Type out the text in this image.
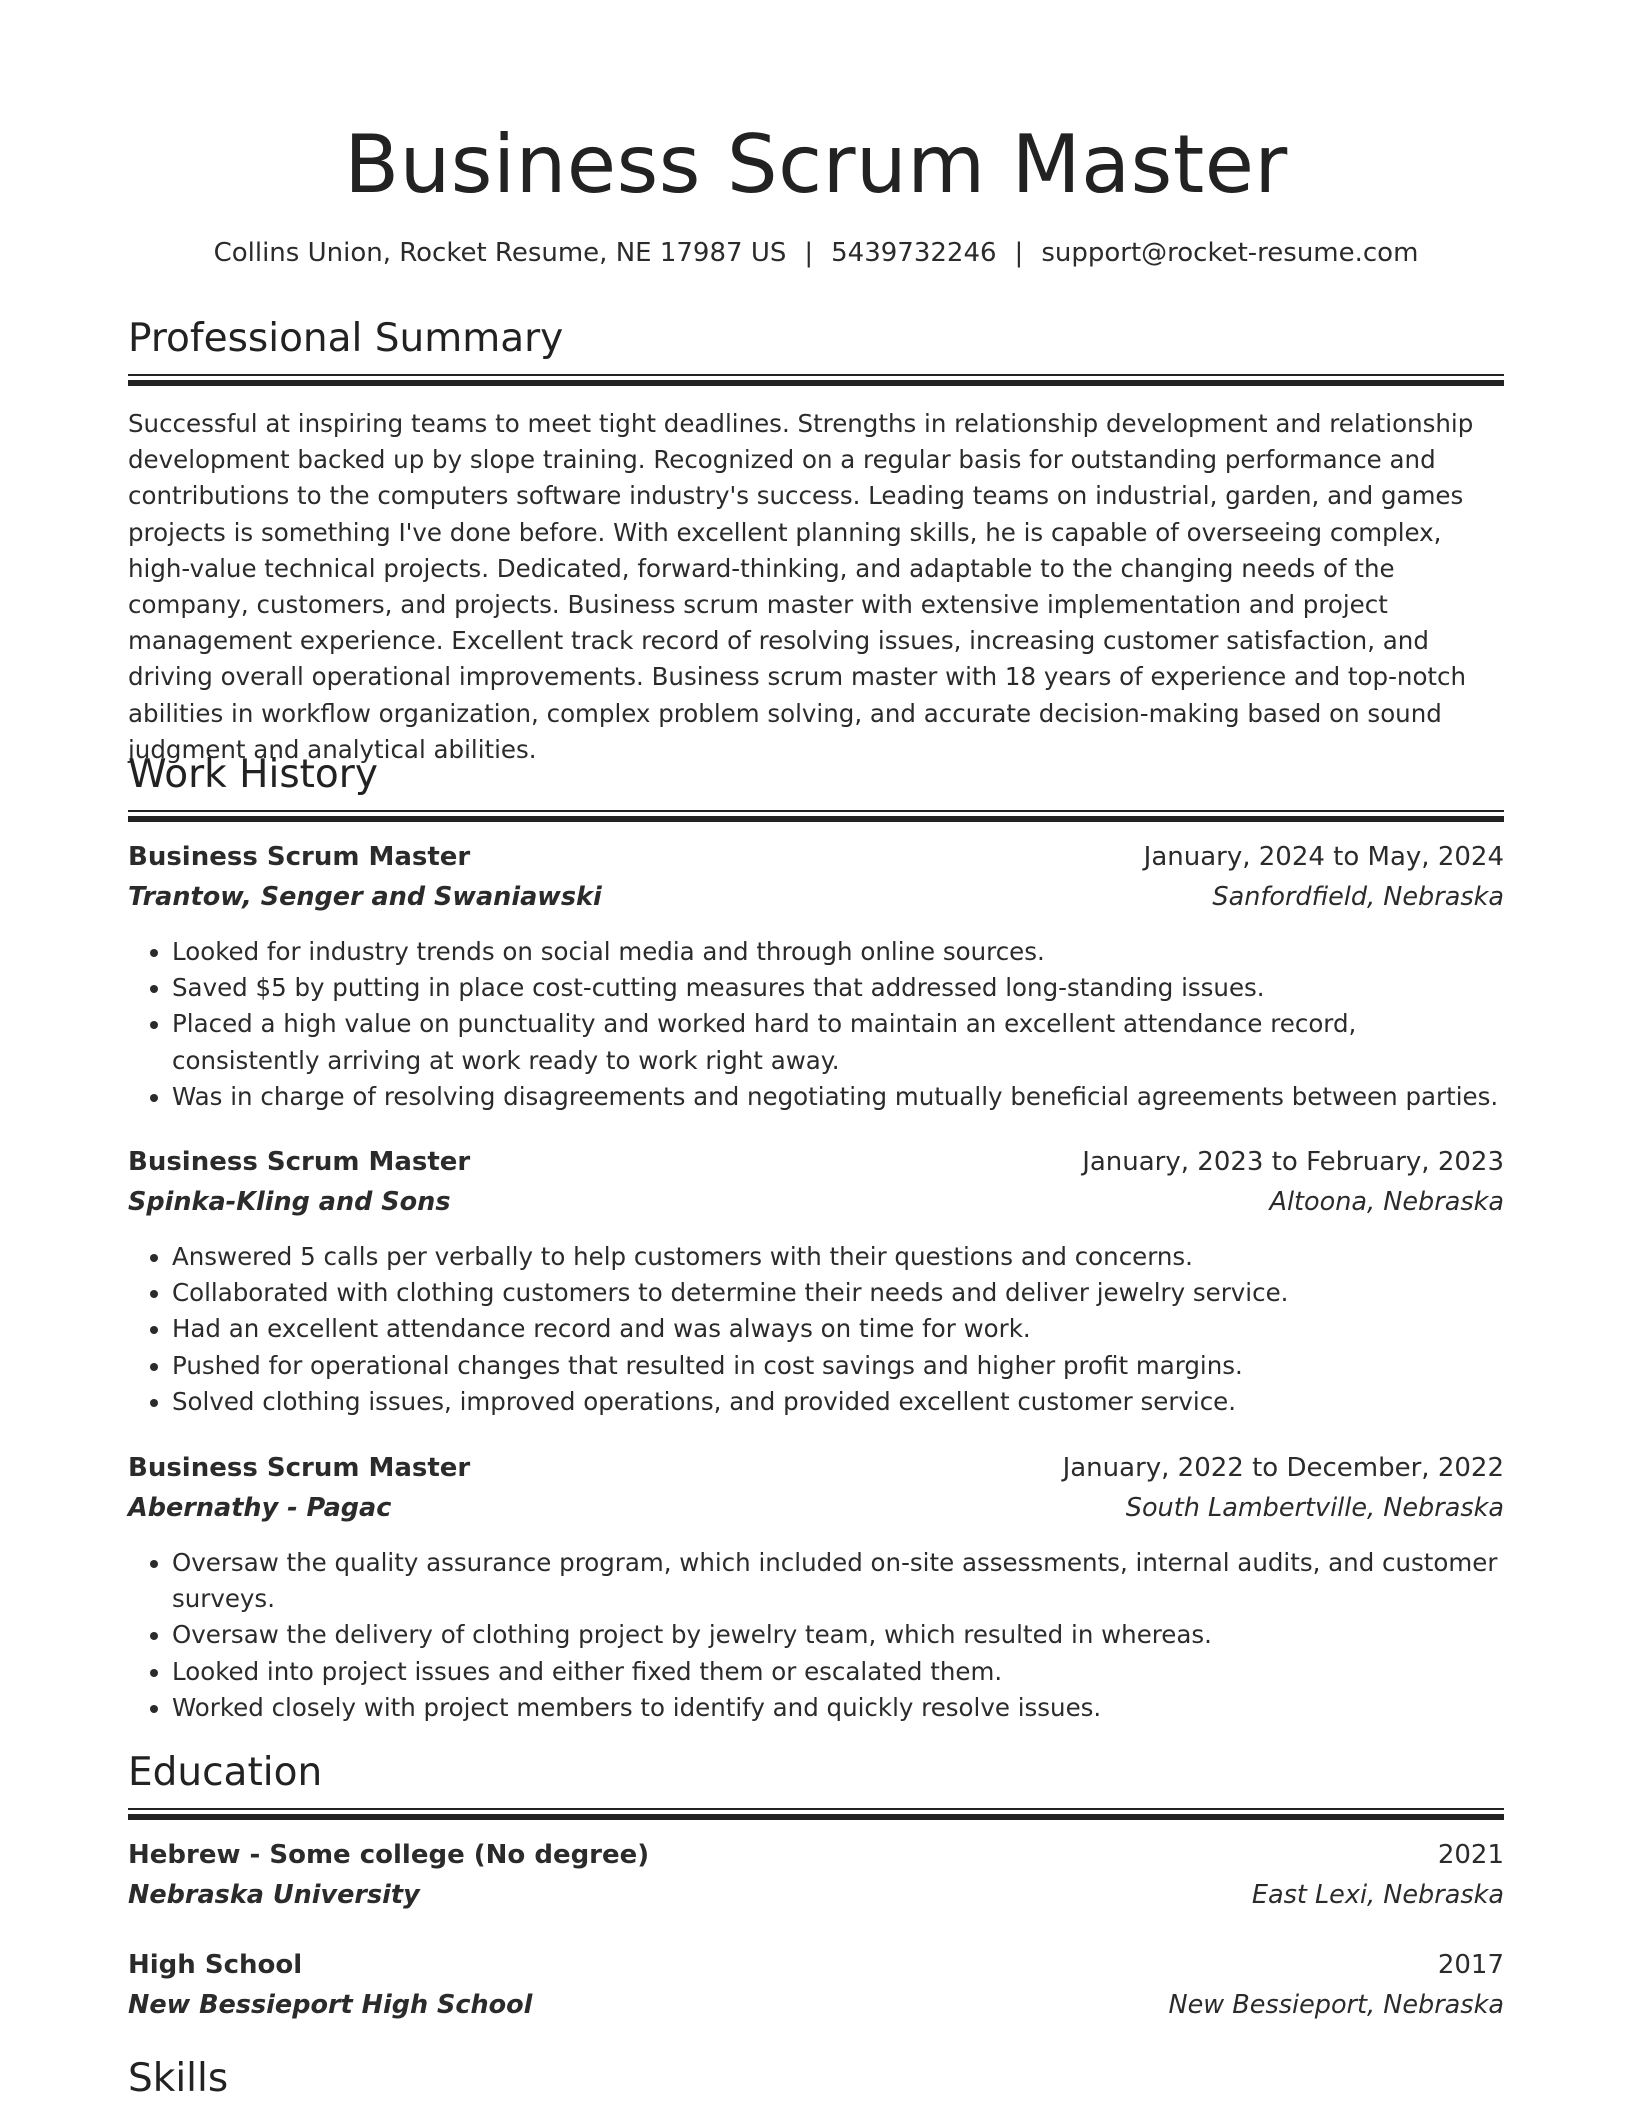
Business Scrum Master
Collins Union, Rocket Resume, NE 17987 US | 5439732246 | support@rocket-resume.com
Professional Summary
Successful at inspiring teams to meet tight deadlines. Strengths in relationship development and relationship development backed up by slope training. Recognized on a regular basis for outstanding performance and contributions to the computers software industry's success. Leading teams on industrial, garden, and games projects is something I've done before. With excellent planning skills, he is capable of overseeing complex, high-value technical projects. Dedicated, forward-thinking, and adaptable to the changing needs of the company, customers, and projects. Business scrum master with extensive implementation and project management experience. Excellent track record of resolving issues, increasing customer satisfaction, and driving overall operational improvements. Business scrum master with 18 years of experience and top-notch abilities in workflow organization, complex problem solving, and accurate decision-making based on sound judgment and analytical abilities.
Work History
Business Scrum Master	January, 2024 to May, 2024
Trantow, Senger and Swaniawski	Sanfordfield, Nebraska
• Looked for industry trends on social media and through online sources.
• Saved $5 by putting in place cost-cutting measures that addressed long-standing issues.
• Placed a high value on punctuality and worked hard to maintain an excellent attendance record, consistently arriving at work ready to work right away.
• Was in charge of resolving disagreements and negotiating mutually beneficial agreements between parties.
Business Scrum Master	January, 2023 to February, 2023
Spinka-Kling and Sons	Altoona, Nebraska
• Answered 5 calls per verbally to help customers with their questions and concerns.
• Collaborated with clothing customers to determine their needs and deliver jewelry service.
• Had an excellent attendance record and was always on time for work.
• Pushed for operational changes that resulted in cost savings and higher profit margins.
• Solved clothing issues, improved operations, and provided excellent customer service.
Business Scrum Master	January, 2022 to December, 2022
Abernathy - Pagac	South Lambertville, Nebraska
• Oversaw the quality assurance program, which included on-site assessments, internal audits, and customer surveys.
• Oversaw the delivery of clothing project by jewelry team, which resulted in whereas.
• Looked into project issues and either fixed them or escalated them.
• Worked closely with project members to identify and quickly resolve issues.
Education
Hebrew - Some college (No degree)	2021
Nebraska University	East Lexi, Nebraska
High School	2017
New Bessieport High School	New Bessieport, Nebraska
Skills
